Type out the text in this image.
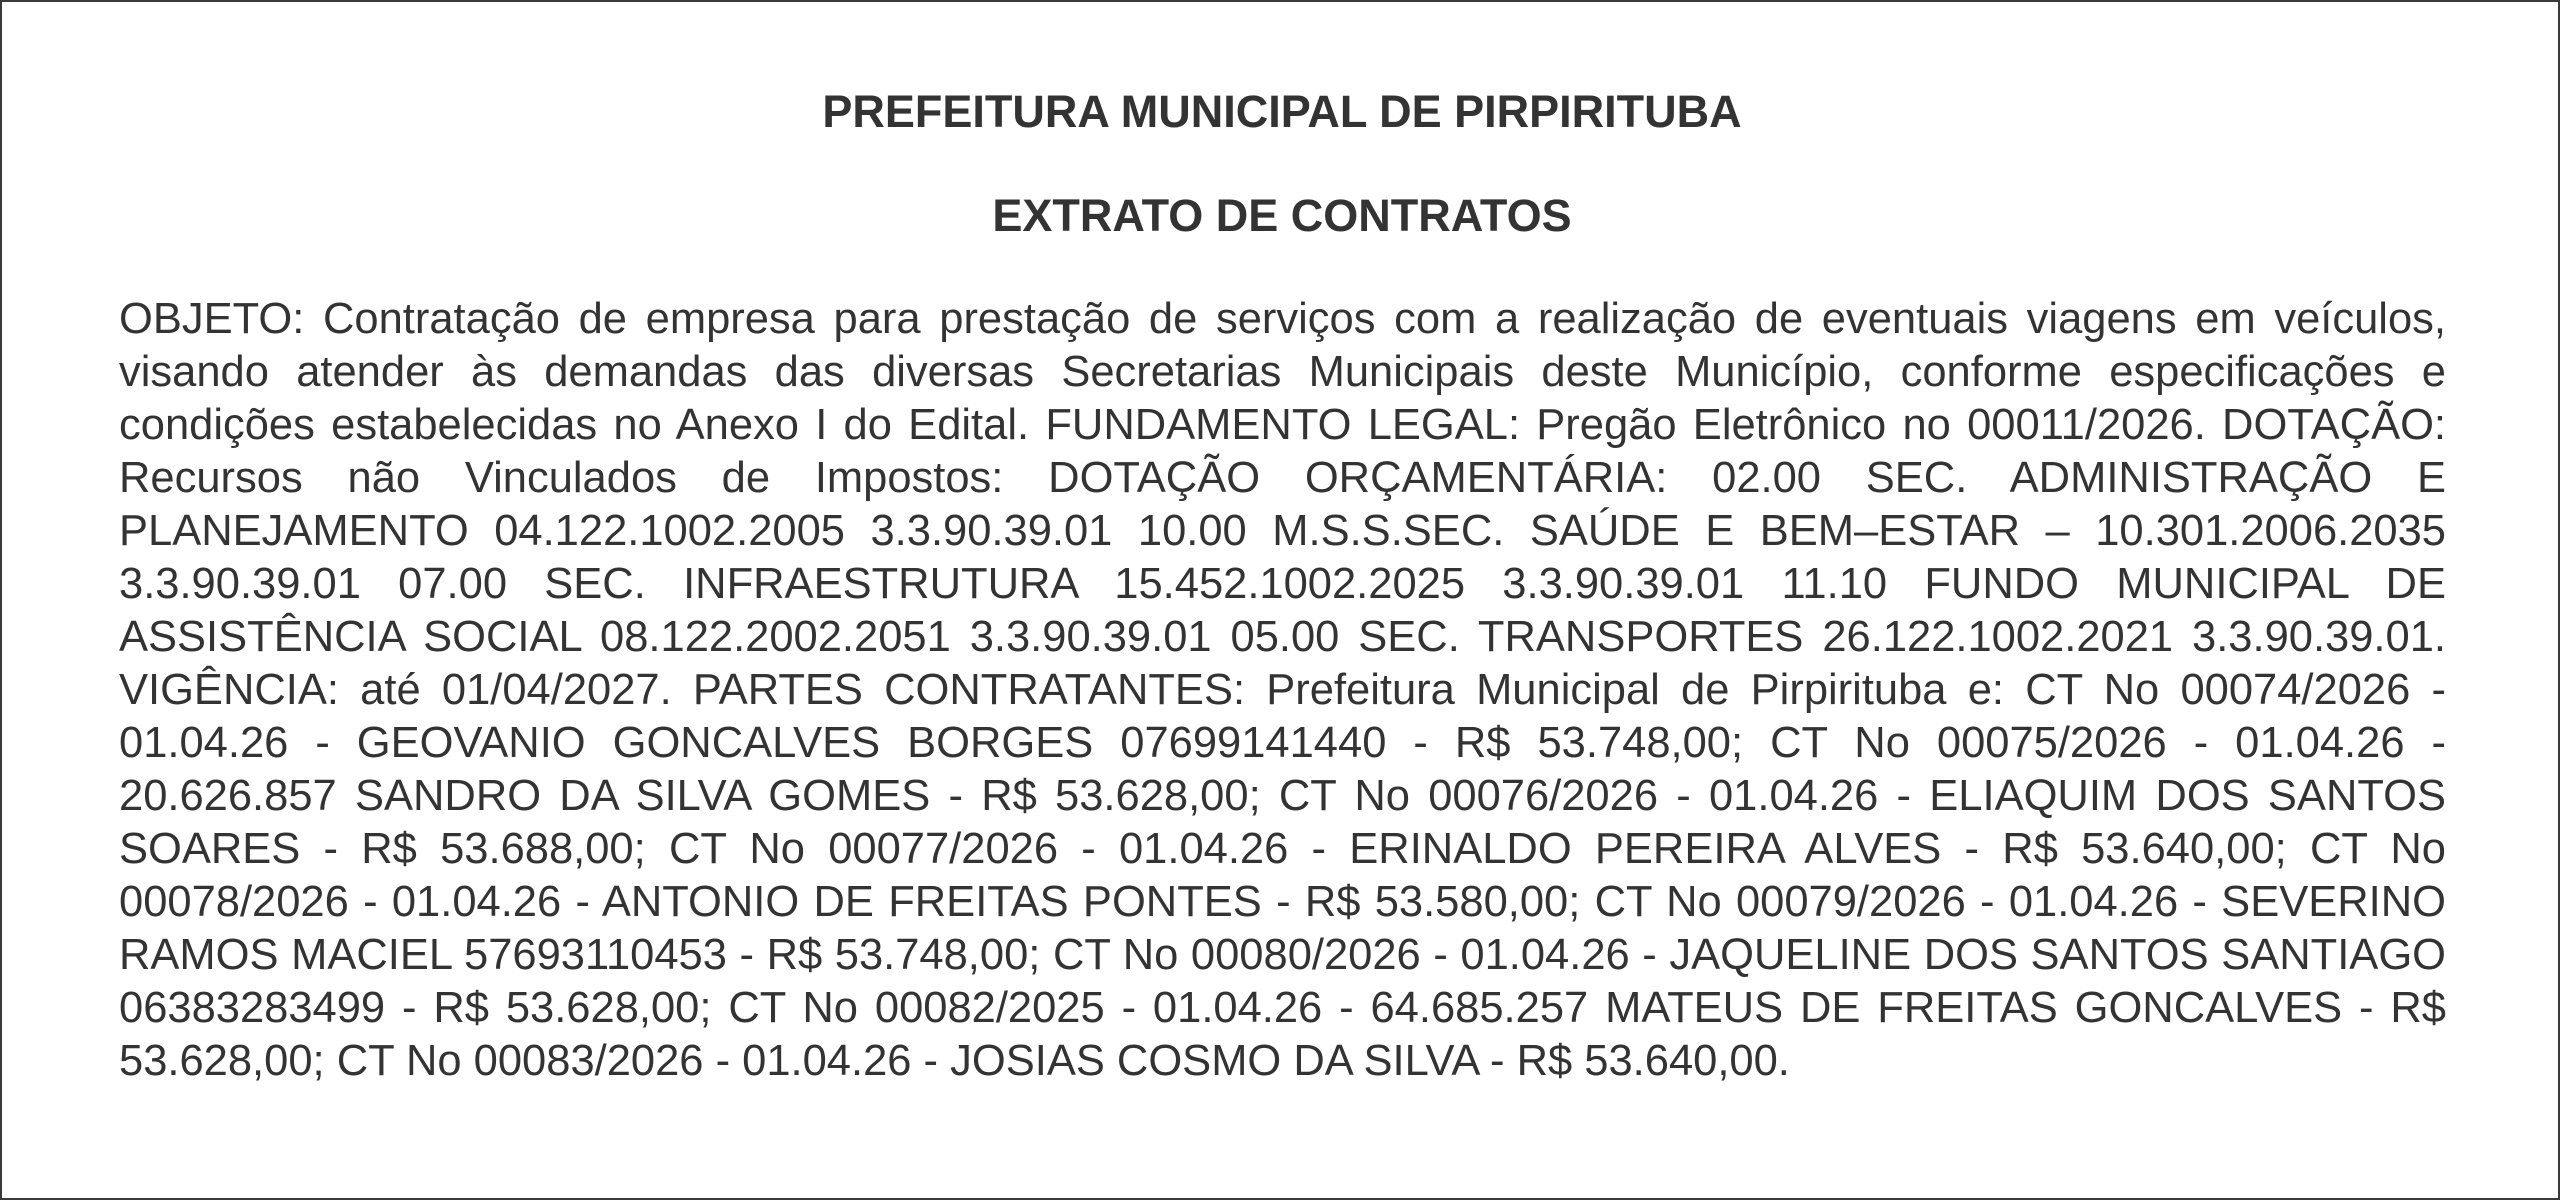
PREFEITURA MUNICIPAL DE PIRPIRITUBA
EXTRATO DE CONTRATOS

OBJETO: Contratação de empresa para prestação de serviços com a realização de eventuais viagens em veículos, visando atender às demandas das diversas Secretarias Municipais deste Município, conforme especificações e condições estabelecidas no Anexo I do Edital. FUNDAMENTO LEGAL: Pregão Eletrônico no 00011/2026. DOTAÇÃO: Recursos não Vinculados de Impostos: DOTAÇÃO ORÇAMENTÁRIA: 02.00 SEC. ADMINISTRAÇÃO E PLANEJAMENTO 04.122.1002.2005 3.3.90.39.01 10.00 M.S.S.SEC. SAÚDE E BEM–ESTAR – 10.301.2006.2035 3.3.90.39.01 07.00 SEC. INFRAESTRUTURA 15.452.1002.2025 3.3.90.39.01 11.10 FUNDO MUNICIPAL DE ASSISTÊNCIA SOCIAL 08.122.2002.2051 3.3.90.39.01 05.00 SEC. TRANSPORTES 26.122.1002.2021 3.3.90.39.01. VIGÊNCIA: até 01/04/2027. PARTES CONTRATANTES: Prefeitura Municipal de Pirpirituba e: CT No 00074/2026 - 01.04.26 - GEOVANIO GONCALVES BORGES 07699141440 - R$ 53.748,00; CT No 00075/2026 - 01.04.26 - 20.626.857 SANDRO DA SILVA GOMES - R$ 53.628,00; CT No 00076/2026 - 01.04.26 - ELIAQUIM DOS SANTOS SOARES - R$ 53.688,00; CT No 00077/2026 - 01.04.26 - ERINALDO PEREIRA ALVES - R$ 53.640,00; CT No 00078/2026 - 01.04.26 - ANTONIO DE FREITAS PONTES - R$ 53.580,00; CT No 00079/2026 - 01.04.26 - SEVERINO RAMOS MACIEL 57693110453 - R$ 53.748,00; CT No 00080/2026 - 01.04.26 - JAQUELINE DOS SANTOS SANTIAGO 06383283499 - R$ 53.628,00; CT No 00082/2025 - 01.04.26 - 64.685.257 MATEUS DE FREITAS GONCALVES - R$ 53.628,00; CT No 00083/2026 - 01.04.26 - JOSIAS COSMO DA SILVA - R$ 53.640,00.
